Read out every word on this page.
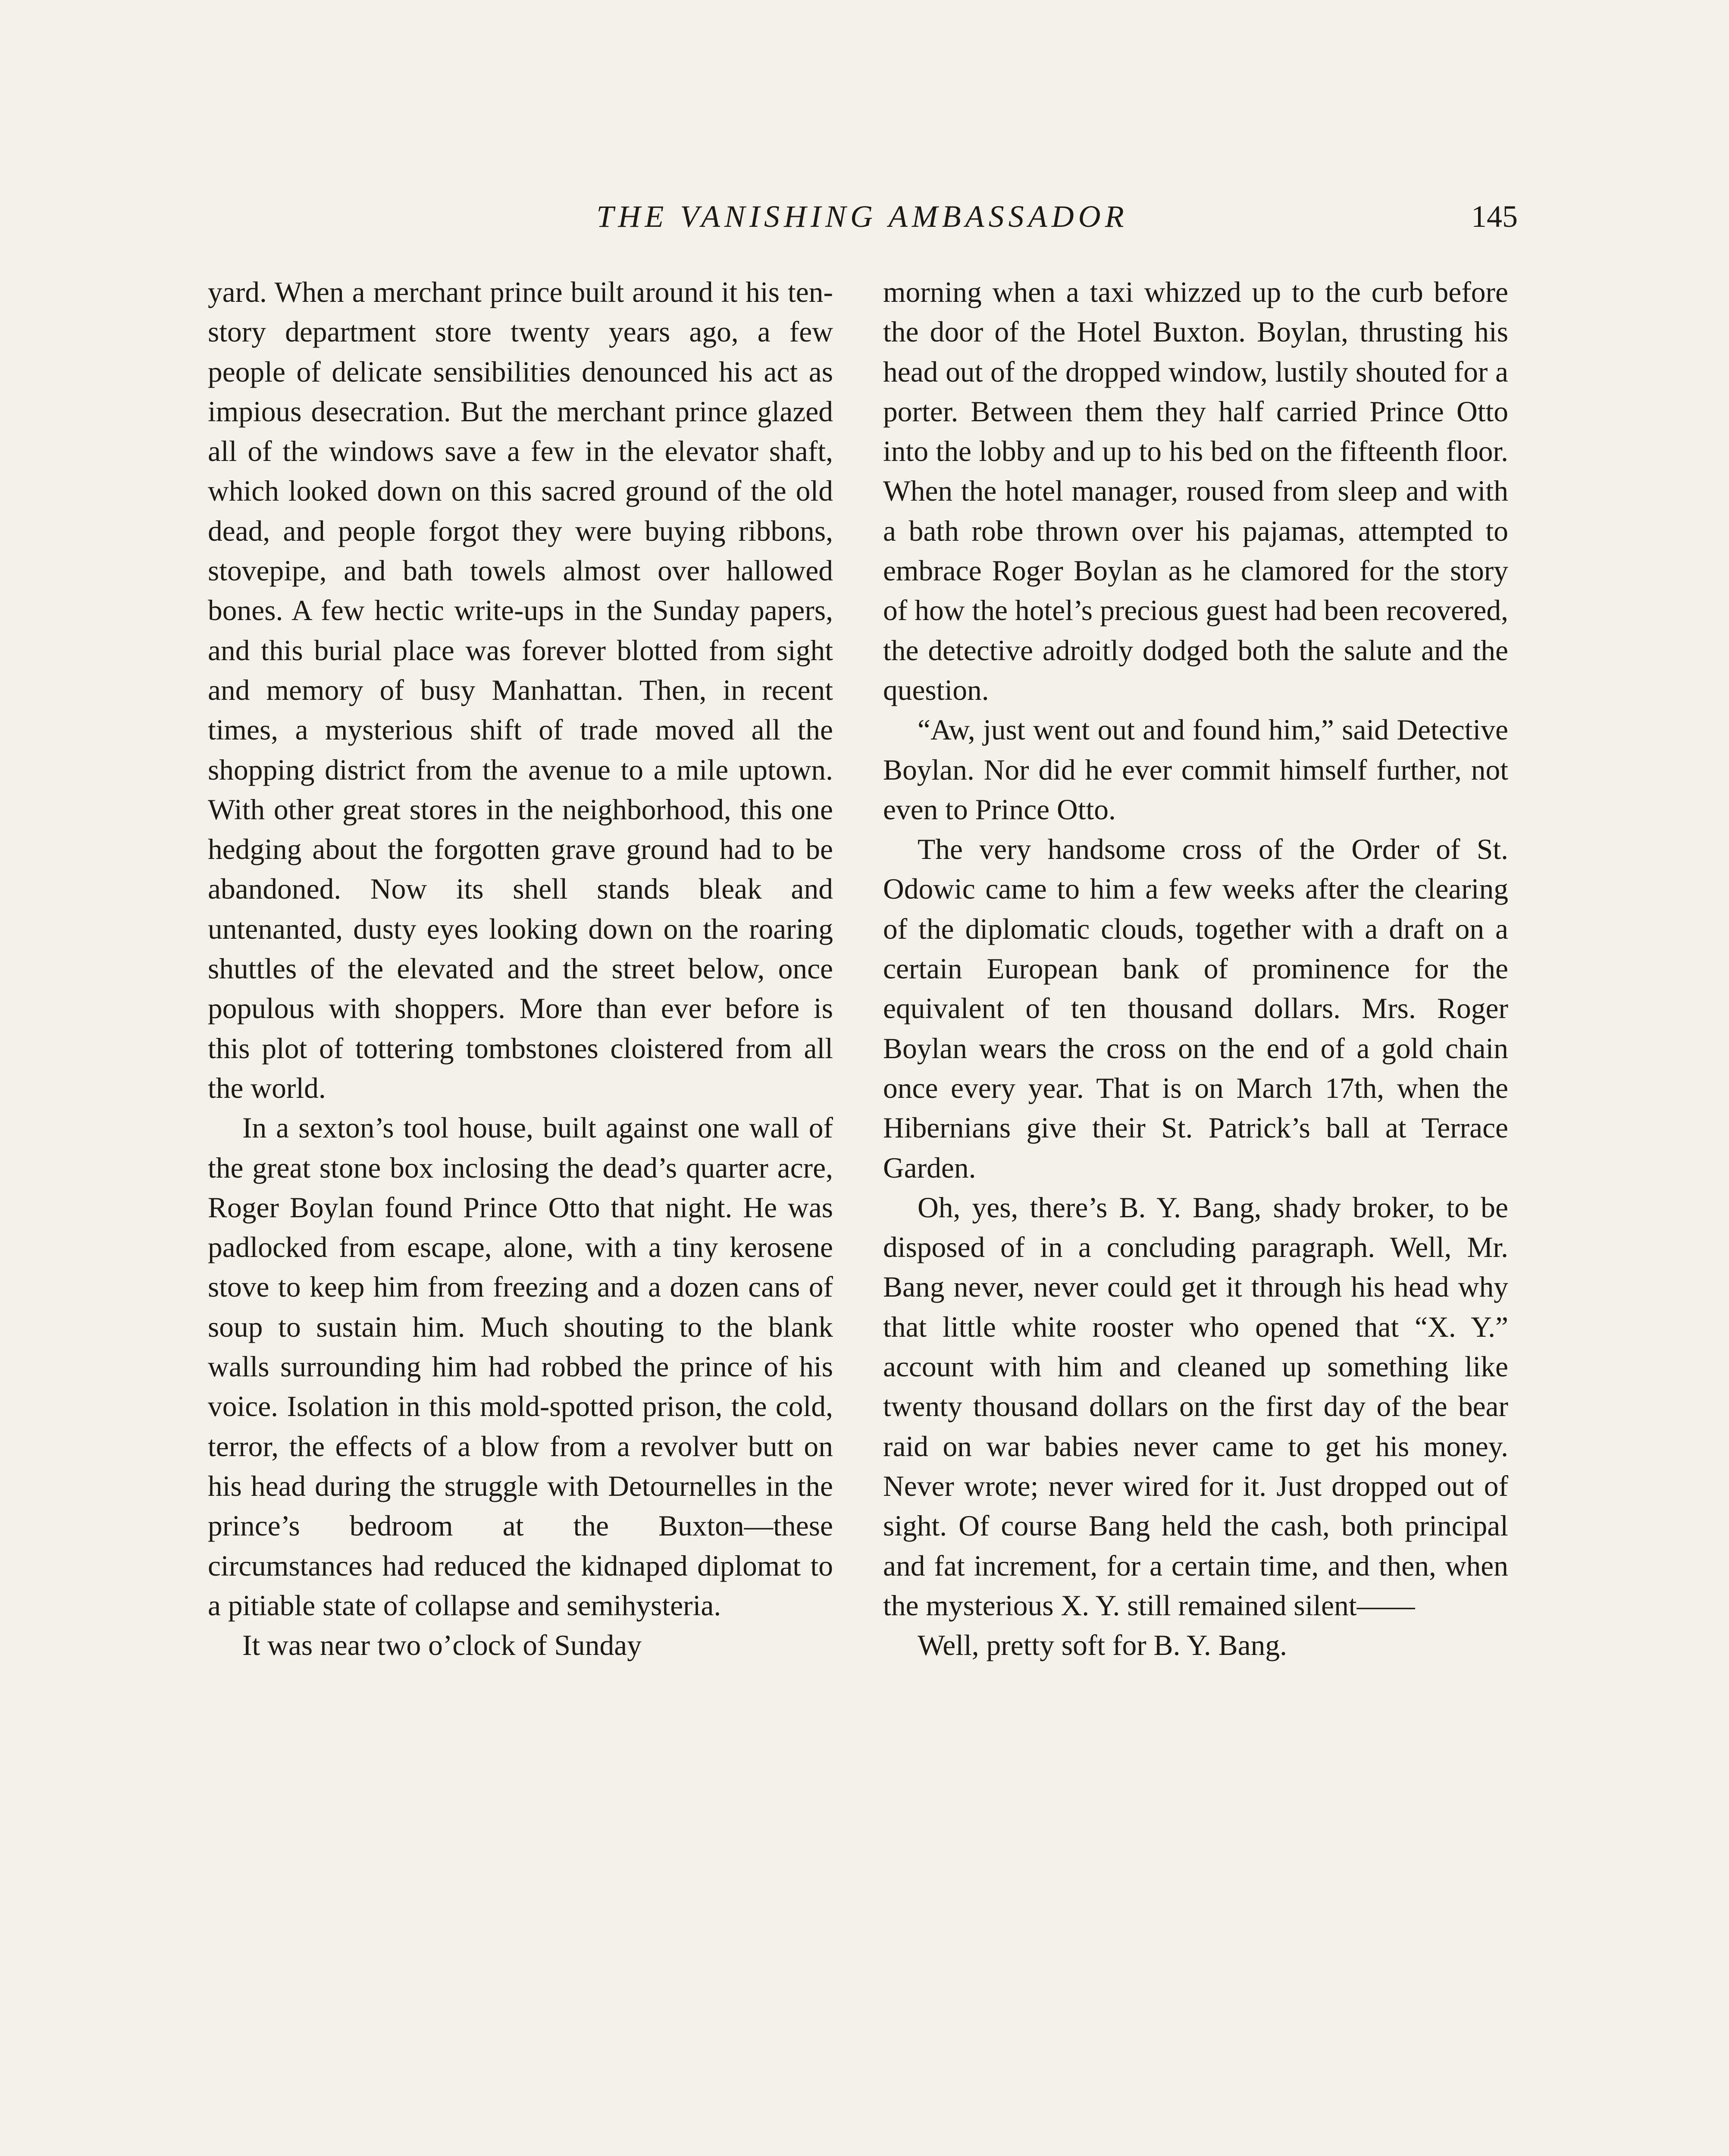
THE VANISHING AMBASSADOR	145

yard. When a merchant prince built around it his ten-story department store twenty years ago, a few people of delicate sensibilities denounced his act as impious desecration. But the merchant prince glazed all of the windows save a few in the elevator shaft, which looked down on this sacred ground of the old dead, and people forgot they were buying ribbons, stovepipe, and bath towels almost over hallowed bones. A few hectic write-ups in the Sunday papers, and this burial place was forever blotted from sight and memory of busy Manhattan. Then, in recent times, a mysterious shift of trade moved all the shopping district from the avenue to a mile uptown. With other great stores in the neighborhood, this one hedging about the forgotten grave ground had to be abandoned. Now its shell stands bleak and untenanted, dusty eyes looking down on the roaring shuttles of the elevated and the street below, once populous with shoppers. More than ever before is this plot of tottering tombstones cloistered from all the world.

In a sexton’s tool house, built against one wall of the great stone box inclosing the dead’s quarter acre, Roger Boylan found Prince Otto that night. He was padlocked from escape, alone, with a tiny kerosene stove to keep him from freezing and a dozen cans of soup to sustain him. Much shouting to the blank walls surrounding him had robbed the prince of his voice. Isolation in this mold-spotted prison, the cold, terror, the effects of a blow from a revolver butt on his head during the struggle with Detournelles in the prince’s bedroom at the Buxton—these circumstances had reduced the kidnaped diplomat to a pitiable state of collapse and semihysteria.

It was near two o’clock of Sunday

morning when a taxi whizzed up to the curb before the door of the Hotel Buxton. Boylan, thrusting his head out of the dropped window, lustily shouted for a porter. Between them they half carried Prince Otto into the lobby and up to his bed on the fifteenth floor. When the hotel manager, roused from sleep and with a bath robe thrown over his pajamas, attempted to embrace Roger Boylan as he clamored for the story of how the hotel’s precious guest had been recovered, the detective adroitly dodged both the salute and the question.

“Aw, just went out and found him,” said Detective Boylan. Nor did he ever commit himself further, not even to Prince Otto.

The very handsome cross of the Order of St. Odowic came to him a few weeks after the clearing of the diplomatic clouds, together with a draft on a certain European bank of prominence for the equivalent of ten thousand dollars. Mrs. Roger Boylan wears the cross on the end of a gold chain once every year. That is on March 17th, when the Hibernians give their St. Patrick’s ball at Terrace Garden.

Oh, yes, there’s B. Y. Bang, shady broker, to be disposed of in a concluding paragraph. Well, Mr. Bang never, never could get it through his head why that little white rooster who opened that “X. Y.” account with him and cleaned up something like twenty thousand dollars on the first day of the bear raid on war babies never came to get his money. Never wrote; never wired for it. Just dropped out of sight. Of course Bang held the cash, both principal and fat increment, for a certain time, and then, when the mysterious X. Y. still remained silent——

Well, pretty soft for B. Y. Bang.
